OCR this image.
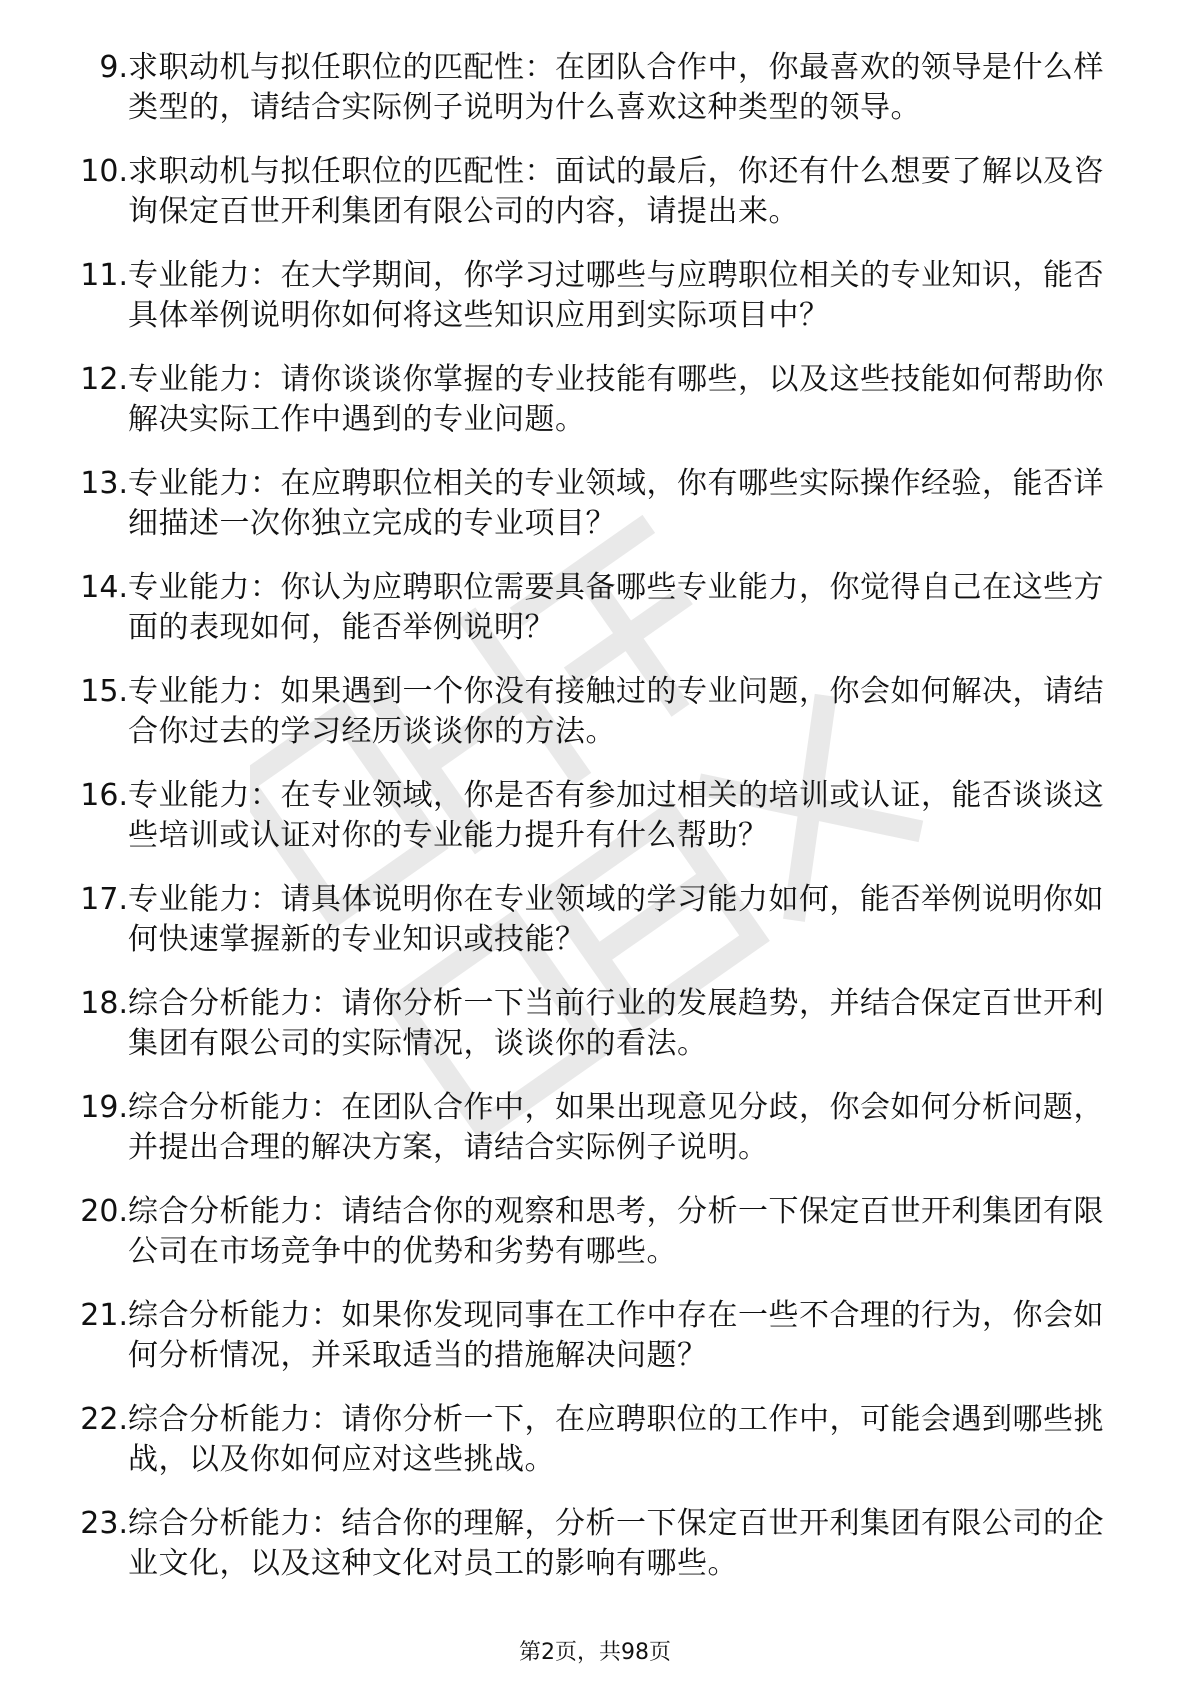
9. 求职动机与拟任职位的匹配性：在团队合作中，你最喜欢的领导是什么样类型的，请结合实际例子说明为什么喜欢这种类型的领导。
10. 求职动机与拟任职位的匹配性：面试的最后，你还有什么想要了解以及咨询保定百世开利集团有限公司的内容，请提出来。
11. 专业能力：在大学期间，你学习过哪些与应聘职位相关的专业知识，能否具体举例说明你如何将这些知识应用到实际项目中？
12. 专业能力：请你谈谈你掌握的专业技能有哪些，以及这些技能如何帮助你解决实际工作中遇到的专业问题。
13. 专业能力：在应聘职位相关的专业领域，你有哪些实际操作经验，能否详细描述一次你独立完成的专业项目？
14. 专业能力：你认为应聘职位需要具备哪些专业能力，你觉得自己在这些方面的表现如何，能否举例说明？
15. 专业能力：如果遇到一个你没有接触过的专业问题，你会如何解决，请结合你过去的学习经历谈谈你的方法。
16. 专业能力：在专业领域，你是否有参加过相关的培训或认证，能否谈谈这些培训或认证对你的专业能力提升有什么帮助？
17. 专业能力：请具体说明你在专业领域的学习能力如何，能否举例说明你如何快速掌握新的专业知识或技能？
18. 综合分析能力：请你分析一下当前行业的发展趋势，并结合保定百世开利集团有限公司的实际情况，谈谈你的看法。
19. 综合分析能力：在团队合作中，如果出现意见分歧，你会如何分析问题，并提出合理的解决方案，请结合实际例子说明。
20. 综合分析能力：请结合你的观察和思考，分析一下保定百世开利集团有限公司在市场竞争中的优势和劣势有哪些。
21. 综合分析能力：如果你发现同事在工作中存在一些不合理的行为，你会如何分析情况，并采取适当的措施解决问题？
22. 综合分析能力：请你分析一下，在应聘职位的工作中，可能会遇到哪些挑战，以及你如何应对这些挑战。
23. 综合分析能力：结合你的理解，分析一下保定百世开利集团有限公司的企业文化，以及这种文化对员工的影响有哪些。
第2页，共98页
